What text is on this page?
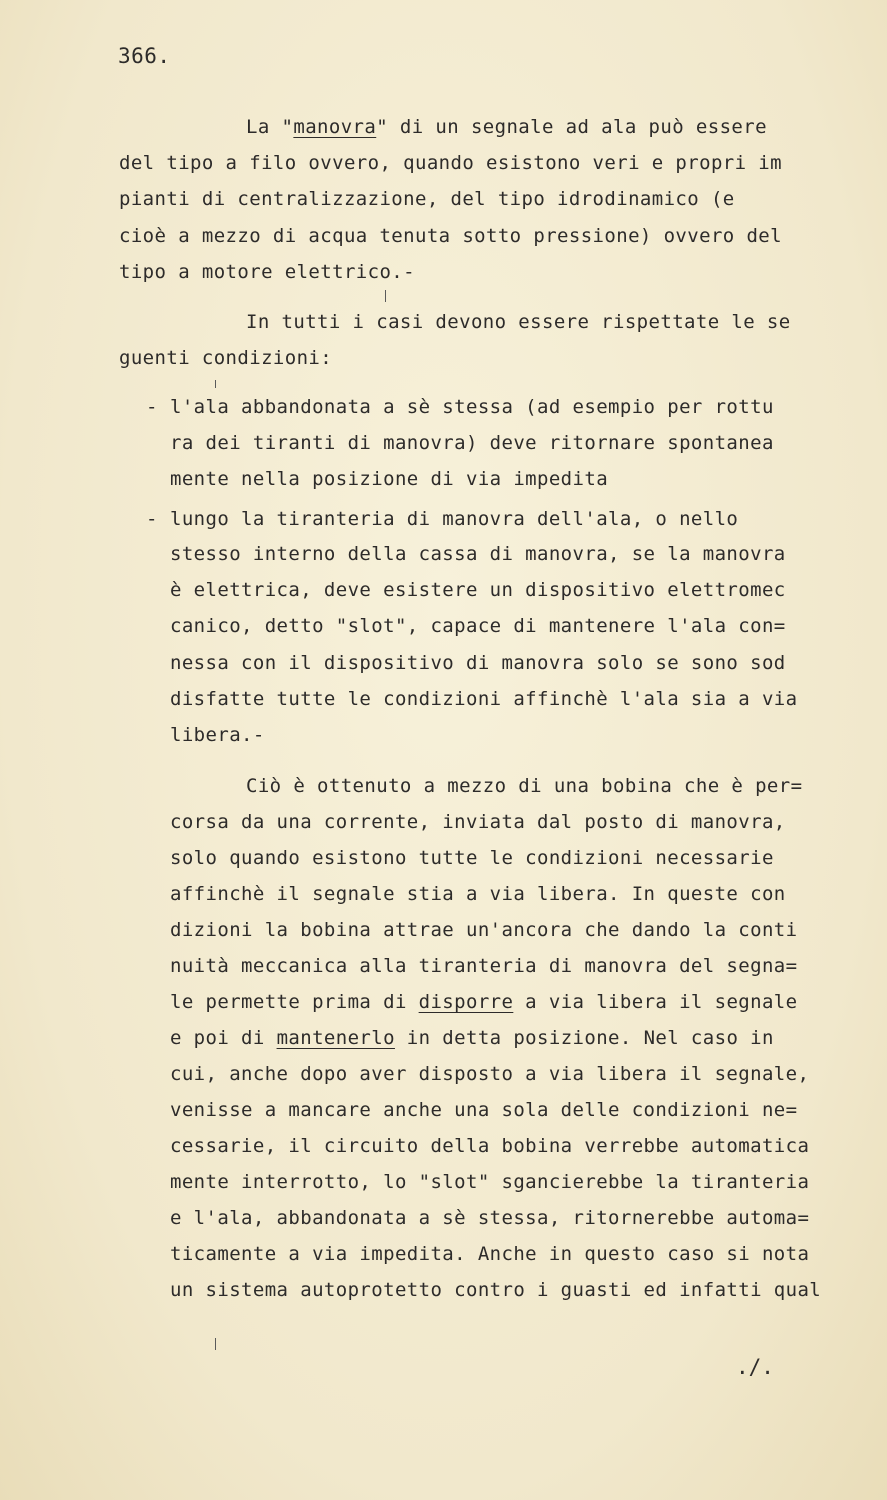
366.
La "manovra" di un segnale ad ala può essere
del tipo a filo ovvero, quando esistono veri e propri im
pianti di centralizzazione, del tipo idrodinamico (e
cioè a mezzo di acqua tenuta sotto pressione) ovvero del
tipo a motore elettrico.-
In tutti i casi devono essere rispettate le se
guenti condizioni:
- l'ala abbandonata a sè stessa (ad esempio per rottu
ra dei tiranti di manovra) deve ritornare spontanea
mente nella posizione di via impedita
- lungo la tiranteria di manovra dell'ala, o nello
stesso interno della cassa di manovra, se la manovra
è elettrica, deve esistere un dispositivo elettromec
canico, detto "slot", capace di mantenere l'ala con=
nessa con il dispositivo di manovra solo se sono sod
disfatte tutte le condizioni affinchè l'ala sia a via
libera.-
Ciò è ottenuto a mezzo di una bobina che è per=
corsa da una corrente, inviata dal posto di manovra,
solo quando esistono tutte le condizioni necessarie
affinchè il segnale stia a via libera. In queste con
dizioni la bobina attrae un'ancora che dando la conti
nuità meccanica alla tiranteria di manovra del segna=
le permette prima di disporre a via libera il segnale
e poi di mantenerlo in detta posizione. Nel caso in
cui, anche dopo aver disposto a via libera il segnale,
venisse a mancare anche una sola delle condizioni ne=
cessarie, il circuito della bobina verrebbe automatica
mente interrotto, lo "slot" sgancierebbe la tiranteria
e l'ala, abbandonata a sè stessa, ritornerebbe automa=
ticamente a via impedita. Anche in questo caso si nota
un sistema autoprotetto contro i guasti ed infatti qual
./.
